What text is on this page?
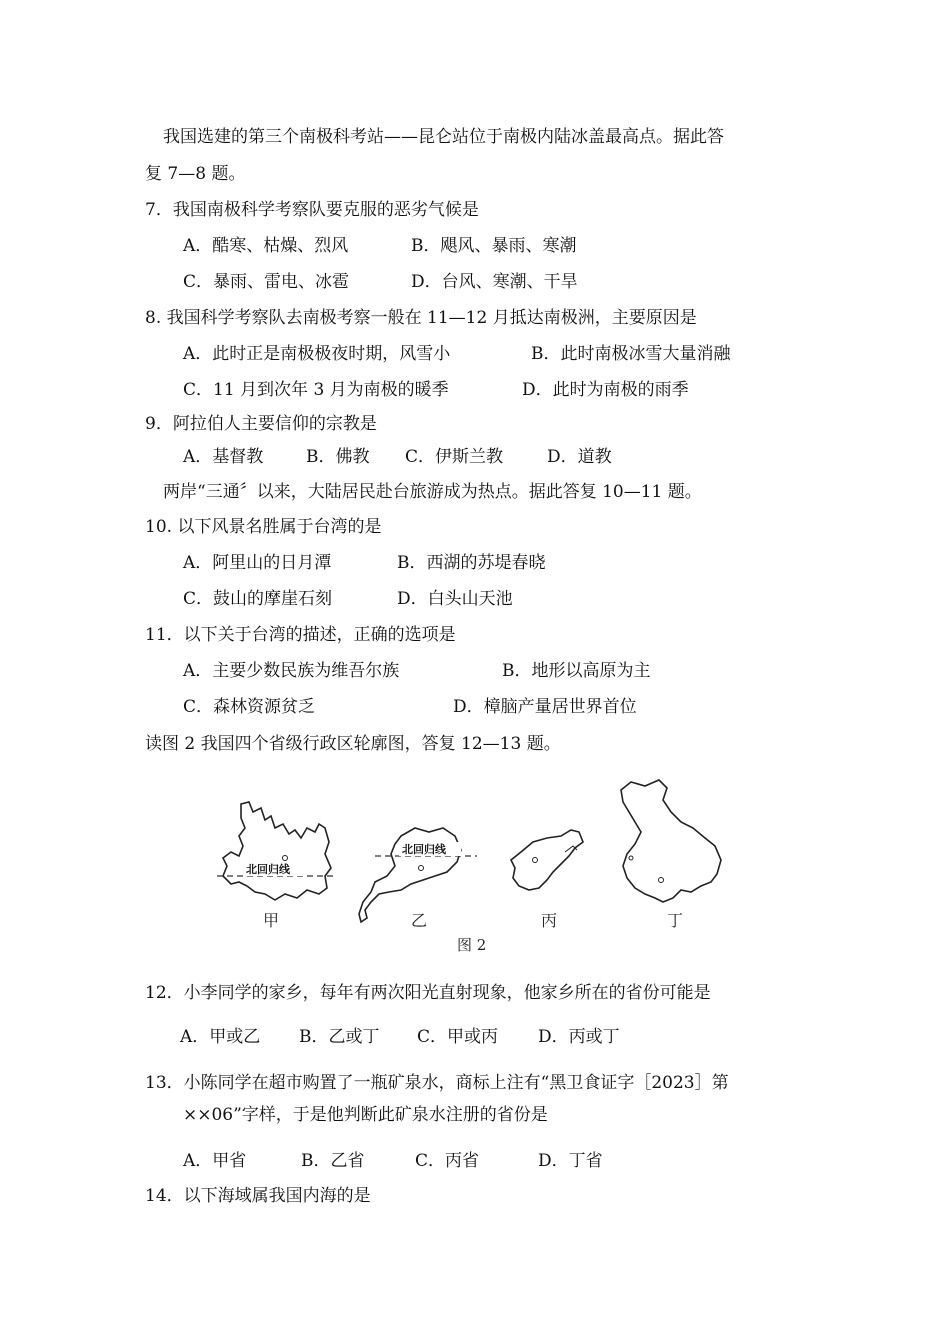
我国选建的第三个南极科考站——昆仑站位于南极内陆冰盖最高点。据此答
复 7—8 题。
7．我国南极科学考察队要克服的恶劣气候是
A．酷寒、枯燥、烈风	B．飓风、暴雨、寒潮
C．暴雨、雷电、冰雹	D．台风、寒潮、干旱
8. 我国科学考察队去南极考察一般在 11—12 月抵达南极洲，主要原因是
A．此时正是南极极夜时期，风雪小	B．此时南极冰雪大量消融
C．11 月到次年 3 月为南极的暖季	D．此时为南极的雨季
9．阿拉伯人主要信仰的宗教是
A．基督教	B．佛教 C．伊斯兰教	D．道教
两岸“三通〞以来，大陆居民赴台旅游成为热点。据此答复 10—11 题。
10. 以下风景名胜属于台湾的是
A．阿里山的日月潭	B．西湖的苏堤春晓
C．鼓山的摩崖石刻	D．白头山天池
11．以下关于台湾的描述，正确的选项是
A．主要少数民族为维吾尔族	B．地形以高原为主
C．森林资源贫乏	D．樟脑产量居世界首位
读图 2 我国四个省级行政区轮廓图，答复 12—13 题。
北回归线
北回归线
甲	乙	丙	丁
图 2
12．小李同学的家乡，每年有两次阳光直射现象，他家乡所在的省份可能是
A．甲或乙 B．乙或丁 C．甲或丙 D．丙或丁
13．小陈同学在超市购置了一瓶矿泉水，商标上注有“黑卫食证字［2023］第
××06”字样，于是他判断此矿泉水注册的省份是
A．甲省	B．乙省	C．丙省	D．丁省
14．以下海域属我国内海的是
